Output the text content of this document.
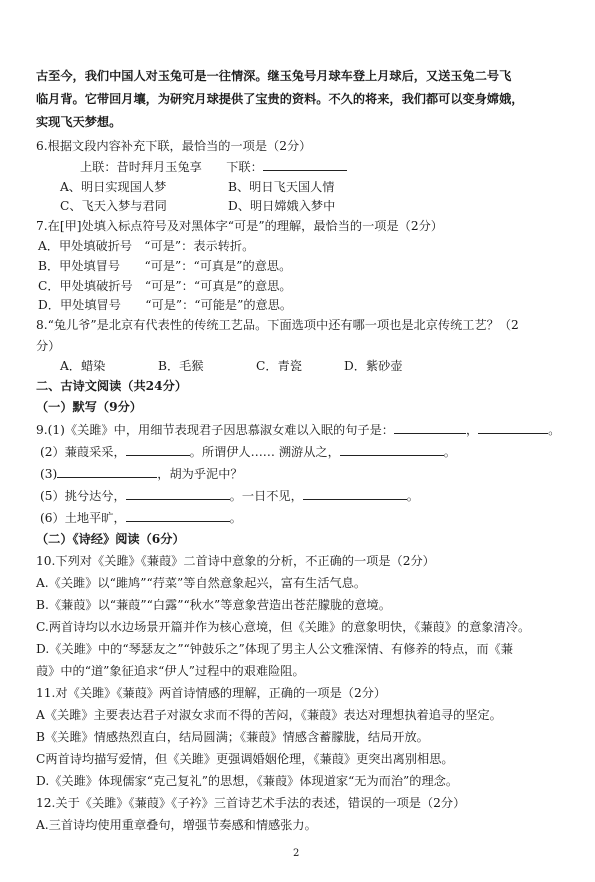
古至今，我们中国人对玉兔可是一往情深。继玉兔号月球车登上月球后，又送玉兔二号飞
临月背。它带回月壤，为研究月球提供了宝贵的资料。不久的将来，我们都可以变身嫦娥，
实现飞天梦想。
6.根据文段内容补充下联，最恰当的一项是（2分）
上联：昔时拜月玉兔享　　下联：
A、明日实现国人梦	B、明日飞天国人情
C、飞天入梦与君同	D、明日嫦娥入梦中
7.在[甲]处填入标点符号及对黑体字“可是”的理解，最恰当的一项是（2分）
A．甲处填破折号　“可是”：表示转折。
B．甲处填冒号　　“可是”：“可真是”的意思。
C．甲处填破折号　“可是”：“可真是”的意思。
D．甲处填冒号　　“可是”：“可能是”的意思。
8.“兔儿爷”是北京有代表性的传统工艺品。下面选项中还有哪一项也是北京传统工艺？（2
分）
A．蜡染	B．毛猴	C．青瓷	D．紫砂壶
二、古诗文阅读（共24分）
（一）默写（9分）
9.(1)《关雎》中，用细节表现君子因思慕淑女难以入眠的句子是：	，	。
(2）蒹葭采采，	。所谓伊人…… 溯游从之，	。
(3)	，胡为乎泥中？
(5）挑兮达兮，	。一日不见，	。
(6）土地平旷，	。
（二）《诗经》阅读（6分）
10.下列对《关雎》《蒹葭》二首诗中意象的分析，不正确的一项是（2分）
A.《关雎》以“雎鸠”“荇菜”等自然意象起兴，富有生活气息。
B.《蒹葭》以“蒹葭”“白露”“秋水”等意象营造出苍茫朦胧的意境。
C.两首诗均以水边场景开篇并作为核心意境，但《关雎》的意象明快，《蒹葭》的意象清冷。
D.《关雎》中的“琴瑟友之”“钟鼓乐之”体现了男主人公文雅深情、有修养的特点，而《蒹
葭》中的“道”象征追求“伊人”过程中的艰难险阻。
11.对《关雎》《蒹葭》两首诗情感的理解，正确的一项是（2分）
A《关雎》主要表达君子对淑女求而不得的苦闷，《蒹葭》表达对理想执着追寻的坚定。
B《关雎》情感热烈直白，结局圆满；《蒹葭》情感含蓄朦胧，结局开放。
C两首诗均描写爱情，但《关雎》更强调婚姻伦理，《蒹葭》更突出离别相思。
D.《关雎》体现儒家“克己复礼”的思想，《蒹葭》体现道家“无为而治”的理念。
12.关于《关雎》《蒹葭》《子衿》三首诗艺术手法的表述，错误的一项是（2分）
A.三首诗均使用重章叠句，增强节奏感和情感张力。
2
